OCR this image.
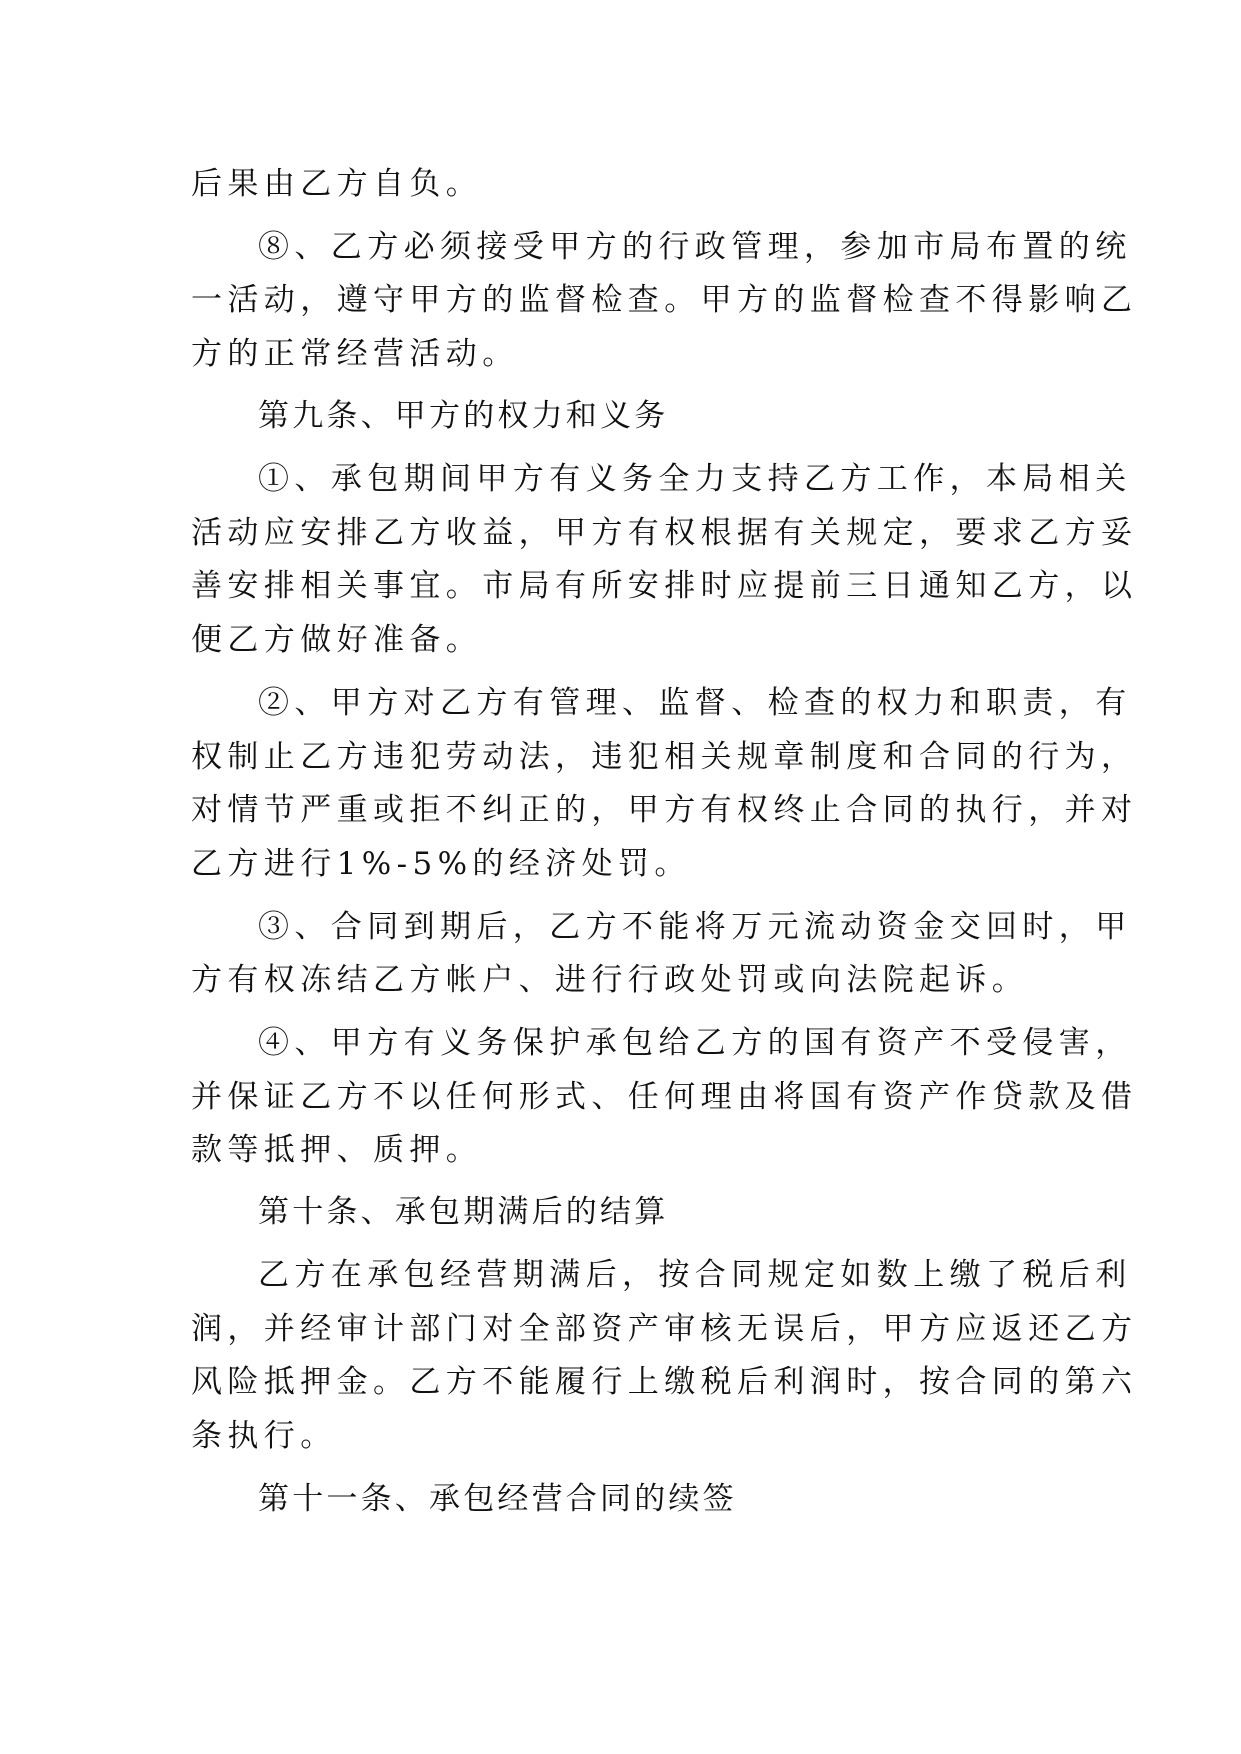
后果由乙方自负。
⑧、乙方必须接受甲方的行政管理，参加市局布置的统
一活动，遵守甲方的监督检查。甲方的监督检查不得影响乙
方的正常经营活动。
第九条、甲方的权力和义务
①、承包期间甲方有义务全力支持乙方工作，本局相关
活动应安排乙方收益，甲方有权根据有关规定，要求乙方妥
善安排相关事宜。市局有所安排时应提前三日通知乙方，以
便乙方做好准备。
②、甲方对乙方有管理、监督、检查的权力和职责，有
权制止乙方违犯劳动法，违犯相关规章制度和合同的行为，
对情节严重或拒不纠正的，甲方有权终止合同的执行，并对
乙方进行1%-5%的经济处罚。
③、合同到期后，乙方不能将万元流动资金交回时，甲
方有权冻结乙方帐户、进行行政处罚或向法院起诉。
④、甲方有义务保护承包给乙方的国有资产不受侵害，
并保证乙方不以任何形式、任何理由将国有资产作贷款及借
款等抵押、质押。
第十条、承包期满后的结算
乙方在承包经营期满后，按合同规定如数上缴了税后利
润，并经审计部门对全部资产审核无误后，甲方应返还乙方
风险抵押金。乙方不能履行上缴税后利润时，按合同的第六
条执行。
第十一条、承包经营合同的续签
